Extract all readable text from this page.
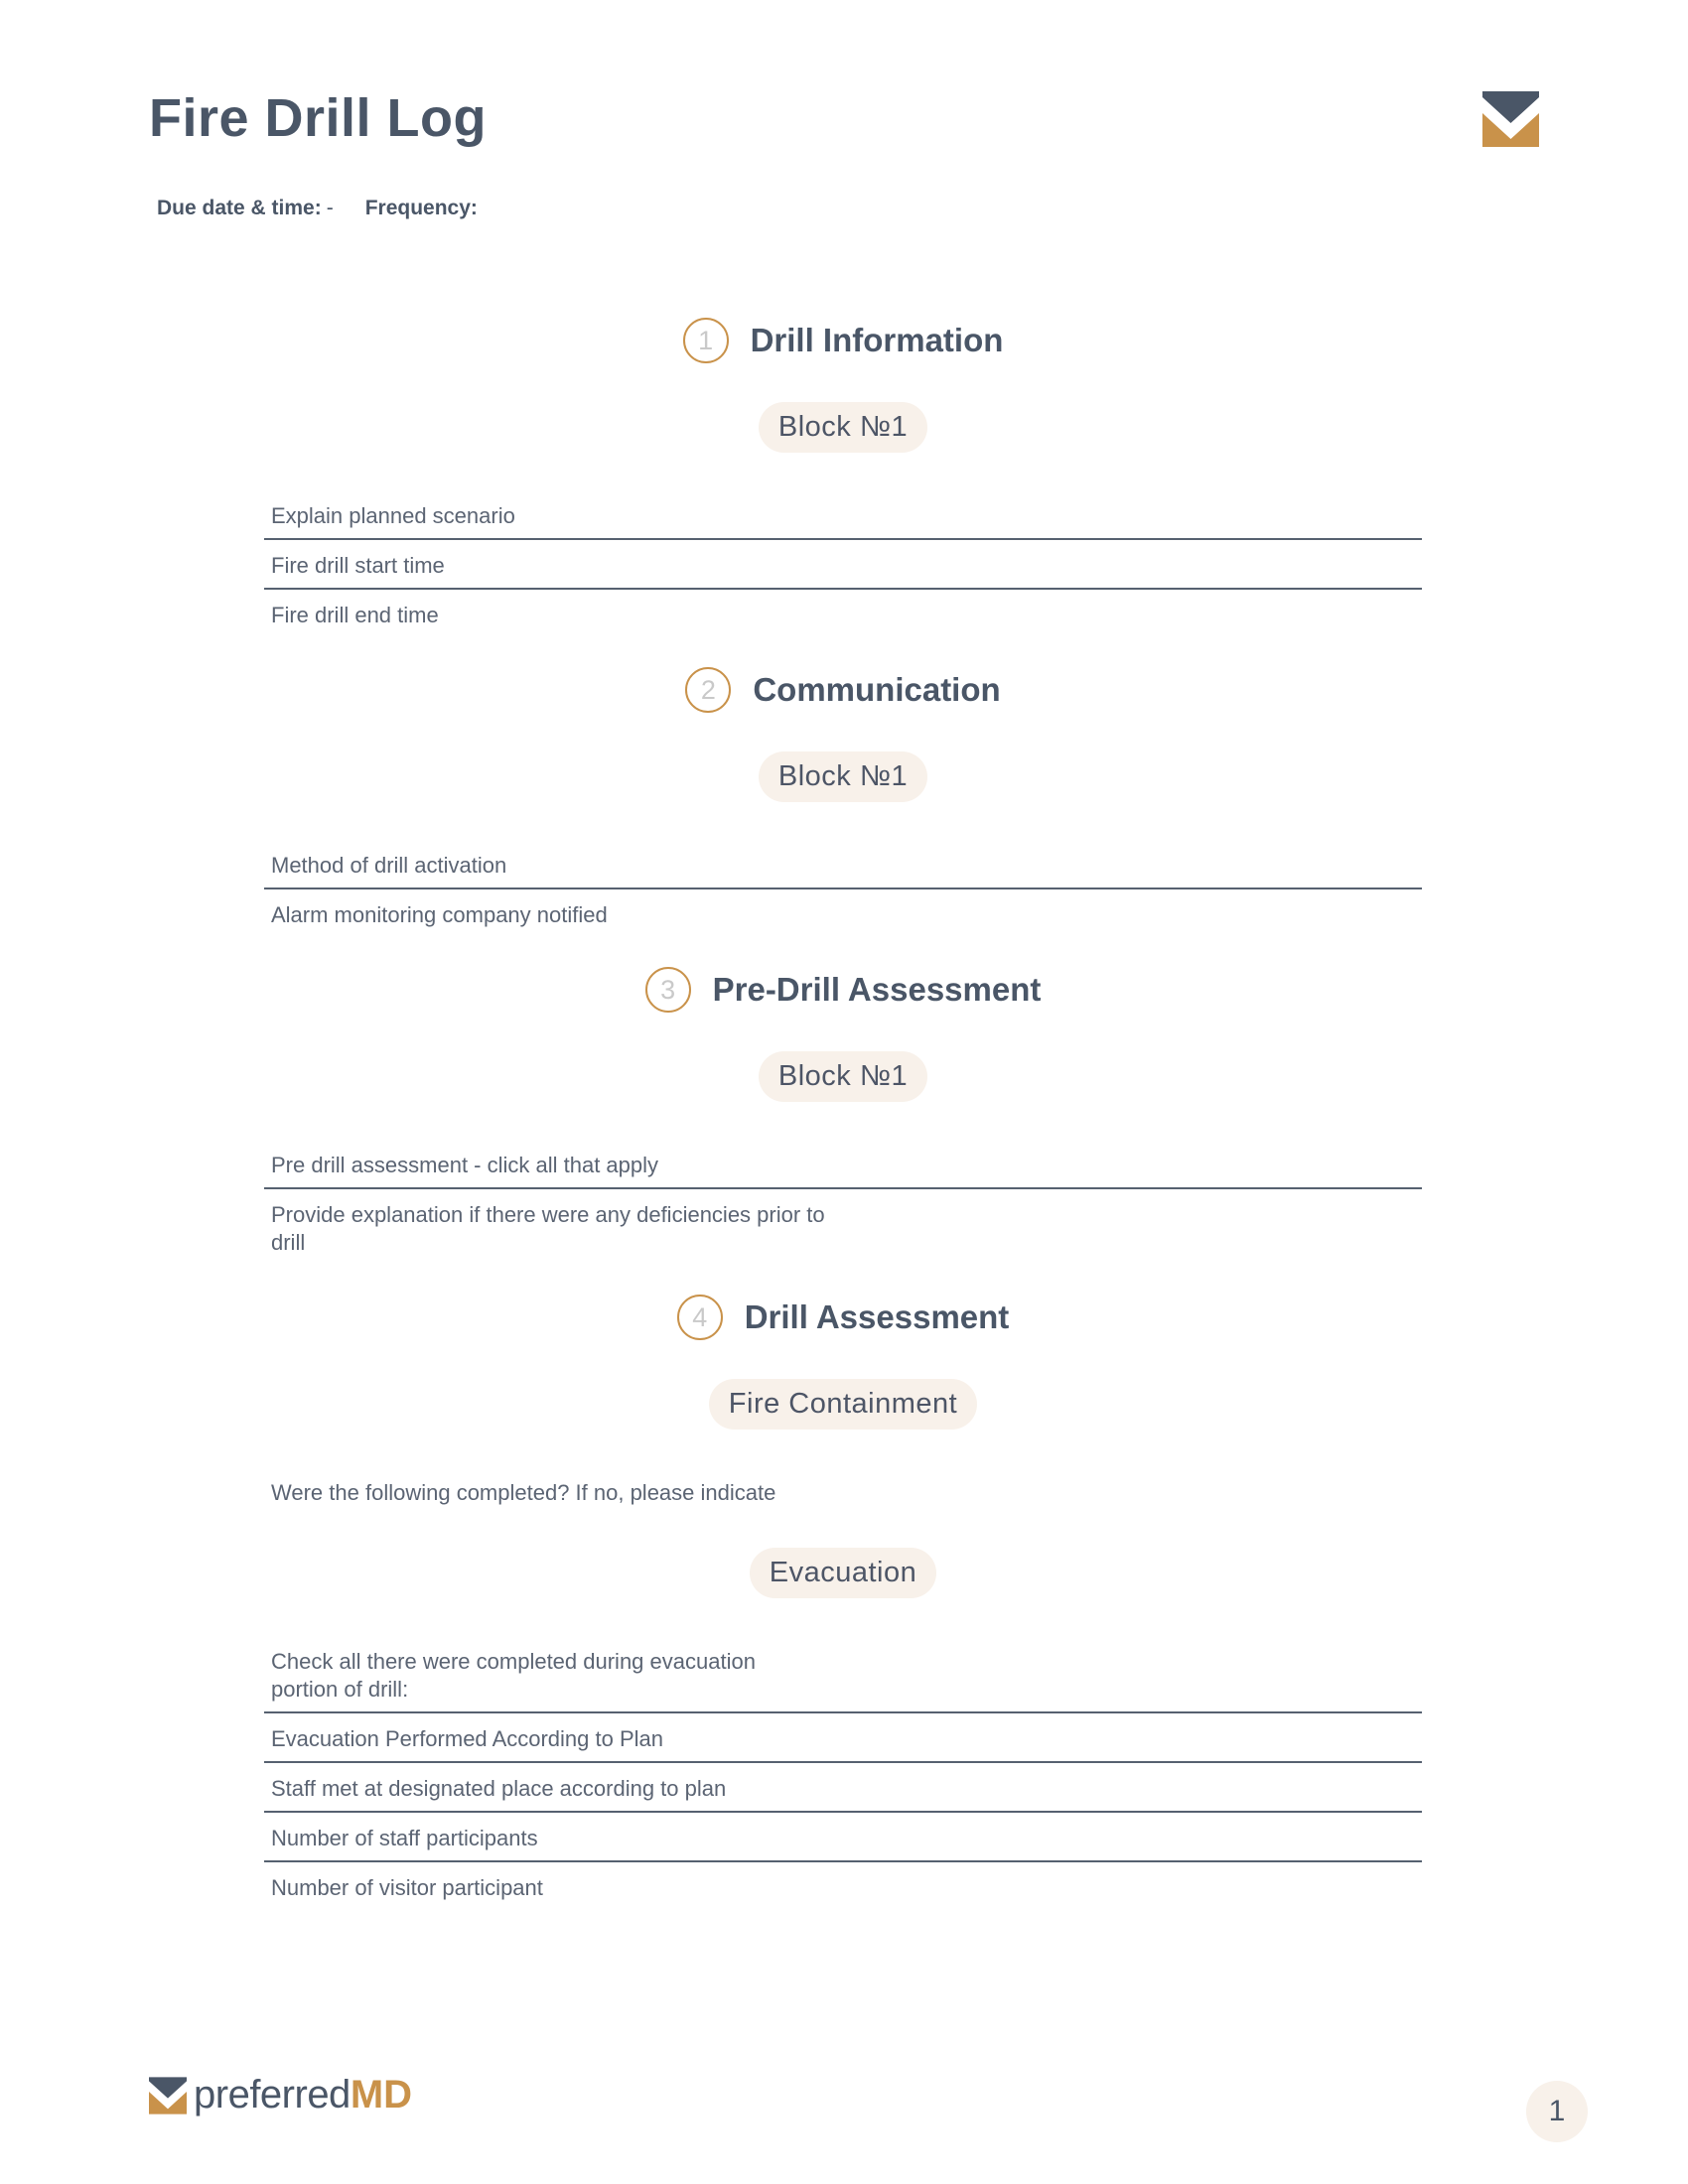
Fire Drill Log
Due date & time: - Frequency:
1	Drill Information
Block №1
Explain planned scenario
Fire drill start time
Fire drill end time
2	Communication
Block №1
Method of drill activation
Alarm monitoring company notified
3	Pre-Drill Assessment
Block №1
Pre drill assessment - click all that apply
Provide explanation if there were any deficiencies prior to drill
4	Drill Assessment
Fire Containment
Were the following completed? If no, please indicate
Evacuation
Check all there were completed during evacuation portion of drill:
Evacuation Performed According to Plan
Staff met at designated place according to plan
Number of staff participants
Number of visitor participant
preferred MD	1
